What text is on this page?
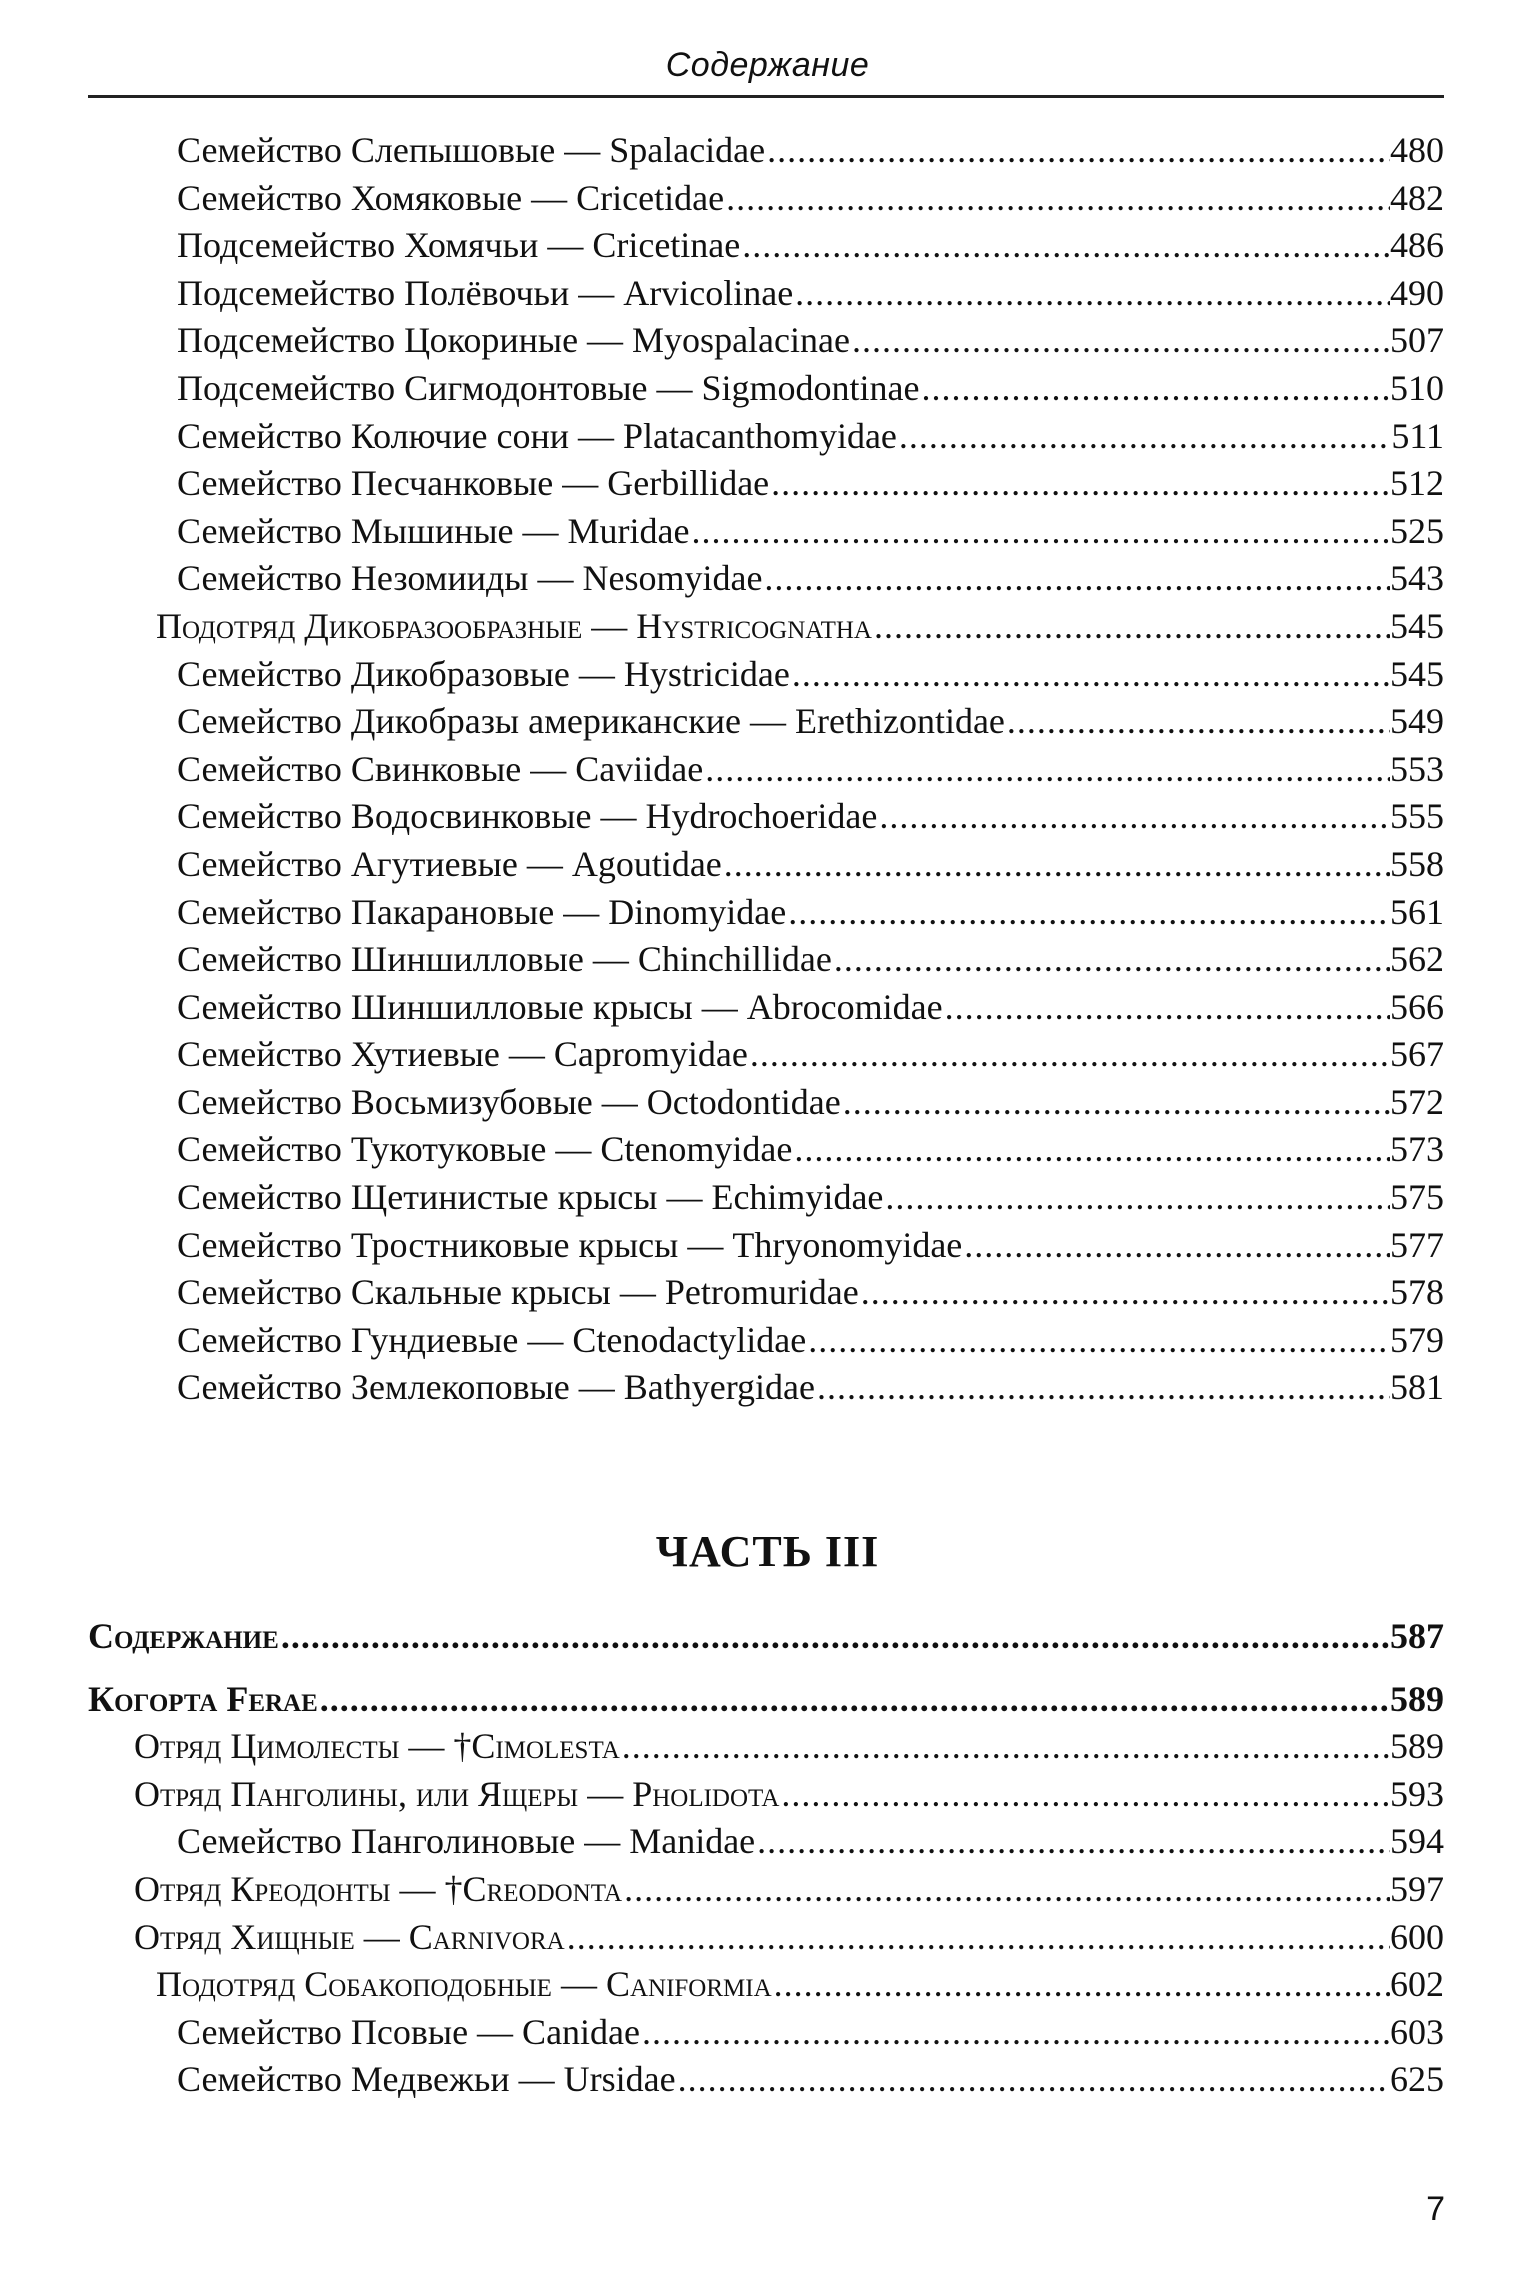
Содержание
Семейство Слепышовые — Spalacidae .....	480
Семейство Хомяковые — Cricetidae .....	482
Подсемейство Хомячьи — Cricetinae .....	486
Подсемейство Полёвочьи — Arvicolinae .....	490
Подсемейство Цокориные — Myospalacinae .....	507
Подсемейство Сигмодонтовые — Sigmodontinae .....	510
Семейство Колючие сони — Platacanthomyidae .....	511
Семейство Песчанковые — Gerbillidae .....	512
Семейство Мышиные — Muridae .....	525
Семейство Незомииды — Nesomyidae .....	543
Подотряд Дикобразообразные — Hystricognatha .....	545
Семейство Дикобразовые — Hystricidae .....	545
Семейство Дикобразы американские — Erethizontidae .....	549
Семейство Свинковые — Caviidae .....	553
Семейство Водосвинковые — Hydrochoeridae .....	555
Семейство Агутиевые — Agoutidae .....	558
Семейство Пакарановые — Dinomyidae .....	561
Семейство Шиншилловые — Chinchillidae .....	562
Семейство Шиншилловые крысы — Abrocomidae .....	566
Семейство Хутиевые — Capromyidae .....	567
Семейство Восьмизубовые — Octodontidae .....	572
Семейство Тукотуковые — Ctenomyidae .....	573
Семейство Щетинистые крысы — Echimyidae .....	575
Семейство Тростниковые крысы — Thryonomyidae .....	577
Семейство Скальные крысы — Petromuridae .....	578
Семейство Гундиевые — Ctenodactylidae .....	579
Семейство Землекоповые — Bathyergidae .....	581
ЧАСТЬ III
Содержание .....	587
Когорта Ferae .....	589
Отряд Цимолесты — †Cimolesta .....	589
Отряд Панголины, или Ящеры — Pholidota .....	593
Семейство Панголиновые — Manidae .....	594
Отряд Креодонты — †Creodonta .....	597
Отряд Хищные — Carnivora .....	600
Подотряд Собакоподобные — Caniformia .....	602
Семейство Псовые — Canidae .....	603
Семейство Медвежьи — Ursidae .....	625
7
